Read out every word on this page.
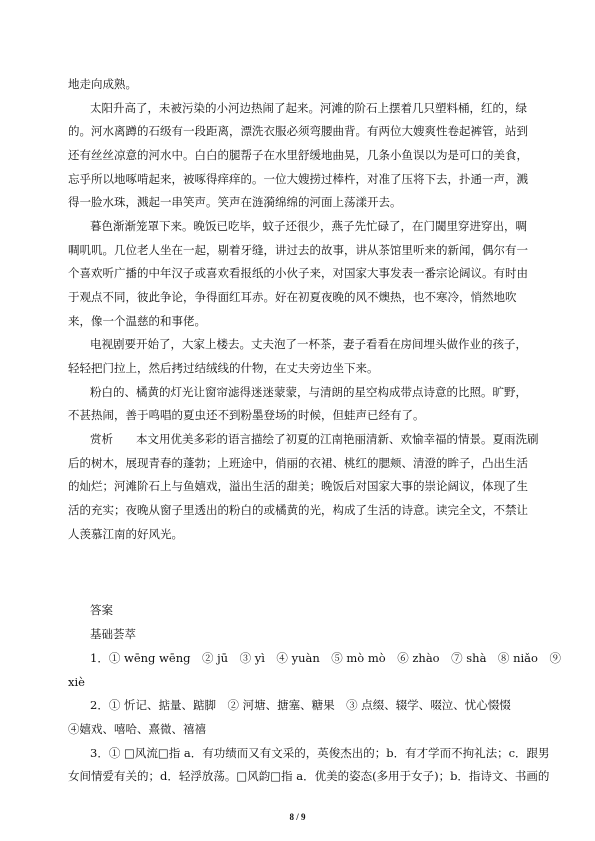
地走向成熟。
太阳升高了，未被污染的小河边热闹了起来。河滩的阶石上摆着几只塑料桶，红的，绿
的。河水离蹲的石级有一段距离，漂洗衣服必须弯腰曲背。有两位大嫂爽性卷起裤管，站到
还有丝丝凉意的河水中。白白的腿帮子在水里舒缓地曲晃，几条小鱼误以为是可口的美食，
忘乎所以地啄啃起来，被啄得痒痒的。一位大嫂捞过棒杵，对准了压将下去，扑通一声，溅
得一脸水珠，溅起一串笑声。笑声在涟漪绵绵的河面上荡漾开去。
暮色渐渐笼罩下来。晚饭已吃毕，蚊子还很少，燕子先忙碌了，在门閾里穿进穿出，啁
啁叽叽。几位老人坐在一起，剔着牙缝，讲过去的故事，讲从茶馆里听来的新闻，偶尔有一
个喜欢听广播的中年汉子或喜欢看报纸的小伙子来，对国家大事发表一番宗论阔议。有时由
于观点不同，彼此争论，争得面红耳赤。好在初夏夜晚的风不燠热，也不寒冷，悄然地吹
来，像一个温慈的和事佬。
电视剧要开始了，大家上楼去。丈夫泡了一杯茶，妻子看看在房间埋头做作业的孩子，
轻轻把门拉上，然后拷过结绒线的什物，在丈夫旁边坐下来。
粉白的、橘黄的灯光让窗帘滤得迷迷蒙蒙，与清朗的星空构成带点诗意的比照。旷野，
不甚热闹，善于鸣唱的夏虫还不到粉墨登场的时候，但蛙声已经有了。
赏析　　本文用优美多彩的语言描绘了初夏的江南艳丽清新、欢愉幸福的情景。夏雨洗刷
后的树木，展现青春的蓬勃；上班途中，俏丽的衣裙、桃红的腮颊、清澄的眸子，凸出生活
的灿烂；河滩阶石上与鱼嬉戏，溢出生活的甜美；晚饭后对国家大事的崇论阔议，体现了生
活的充实；夜晚从窗子里透出的粉白的或橘黄的光，构成了生活的诗意。读完全文，不禁让
人羡慕江南的好风光。
答案
基础荟萃
1．① wēng wēng　② jū　③ yì　④ yuàn　⑤ mò mò　⑥ zhào　⑦ shà　⑧ niǎo　⑨
xiè
2．① 忻记、掂量、踮脚　② 河塘、搪塞、糖果　③ 点缀、辍学、啜泣、忧心惙惙
④嬉戏、嘻哈、熹微、禧禧
3．① □风流□指 a．有功绩而又有文采的，英俊杰出的；b．有才学而不拘礼法；c．跟男
女间情爱有关的；d．轻浮放荡。□风韵□指 a．优美的姿态(多用于女子)；b．指诗文、书画的
8 / 9
